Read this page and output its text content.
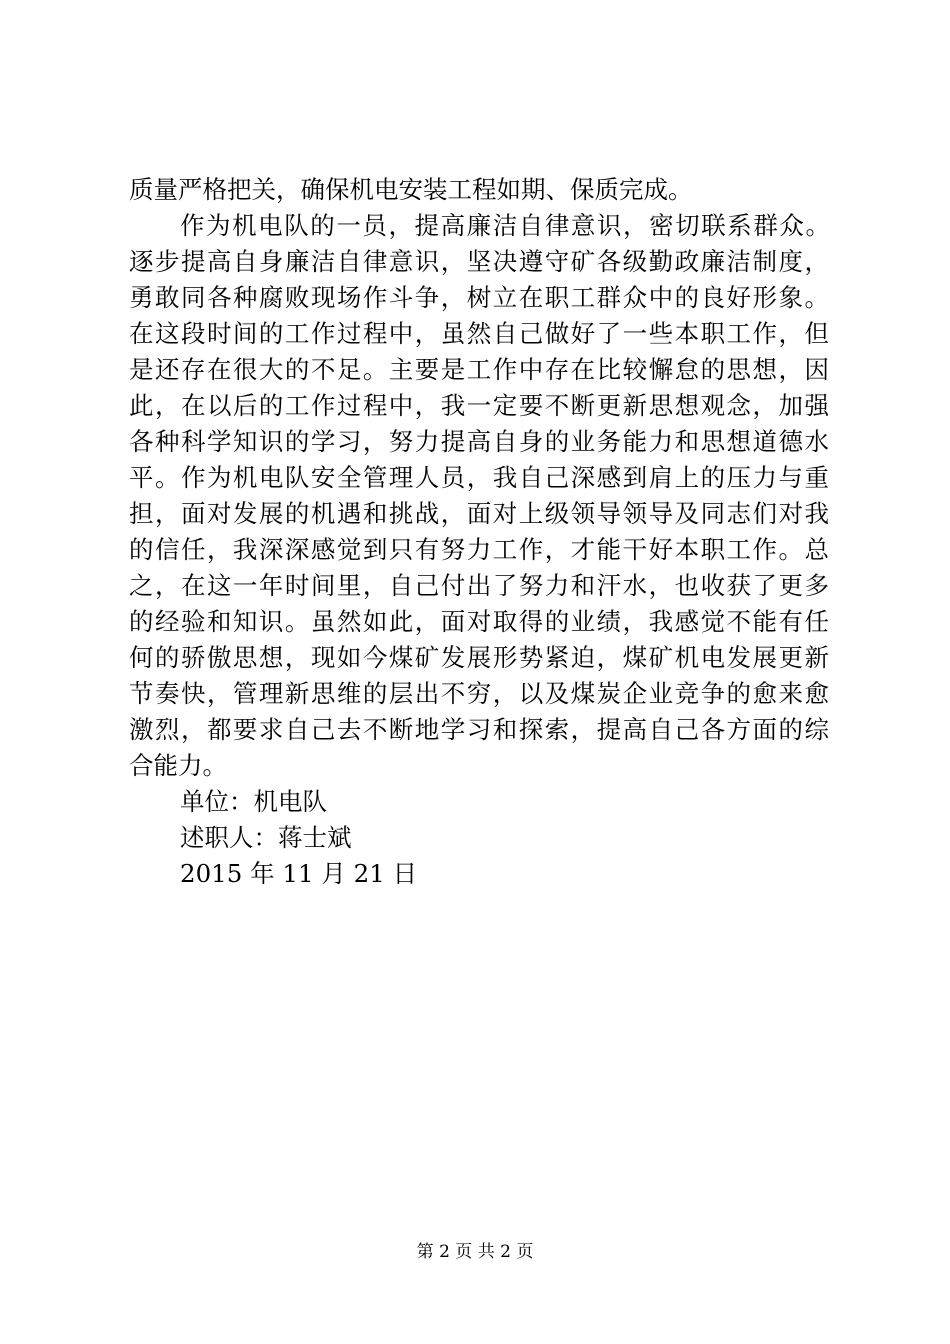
质量严格把关，确保机电安装工程如期、保质完成。
作为机电队的一员，提高廉洁自律意识，密切联系群众。
逐步提高自身廉洁自律意识，坚决遵守矿各级勤政廉洁制度，
勇敢同各种腐败现场作斗争，树立在职工群众中的良好形象。
在这段时间的工作过程中，虽然自己做好了一些本职工作，但
是还存在很大的不足。主要是工作中存在比较懈怠的思想，因
此，在以后的工作过程中，我一定要不断更新思想观念，加强
各种科学知识的学习，努力提高自身的业务能力和思想道德水
平。作为机电队安全管理人员，我自己深感到肩上的压力与重
担，面对发展的机遇和挑战，面对上级领导领导及同志们对我
的信任，我深深感觉到只有努力工作，才能干好本职工作。总
之，在这一年时间里，自己付出了努力和汗水，也收获了更多
的经验和知识。虽然如此，面对取得的业绩，我感觉不能有任
何的骄傲思想，现如今煤矿发展形势紧迫，煤矿机电发展更新
节奏快，管理新思维的层出不穷，以及煤炭企业竞争的愈来愈
激烈，都要求自己去不断地学习和探索，提高自己各方面的综
合能力。
单位：机电队
述职人：蒋士斌
2015 年 11 月 21 日
第 2 页 共 2 页
